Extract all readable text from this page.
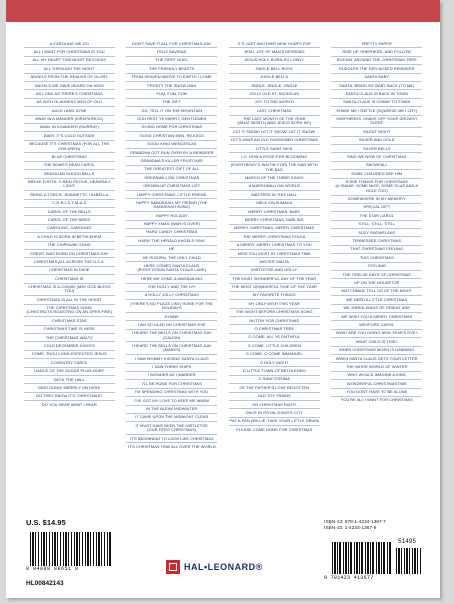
A CAROLING WE GO
ALL I WANT FOR CHRISTMAS IS YOU
ALL MY HEART THIS NIGHT REJOICES
ALL THROUGH THE NIGHT
ANGELS FROM THE REALMS OF GLORY
ANGELS WE HAVE HEARD ON HIGH
AS LONG AS THERE'S CHRISTMAS
AS WITH GLADNESS MEN OF OLD
AULD LANG SYNE
AWAY IN A MANGER (KIRKPATRICK)
AWAY IN A MANGER (MURRAY)
BABY, IT'S COLD OUTSIDE
BECAUSE IT'S CHRISTMAS (FOR ALL THE CHILDREN)
BLUE CHRISTMAS
THE BOAR'S HEAD CAROL
BRAZILIAN SLEIGH BELLS
BREAK FORTH, O BEAUTEOUS, HEAVENLY LIGHT
BRING A TORCH, JEANNETTE, ISABELLA
C-H-R-I-S-T-M-A-S
CAROL OF THE BELLS
CAROL OF THE BIRDS
CAROLING, CAROLING
A CHILD IS BORN IN BETHLEHEM
THE CHIPMUNK SONG
CHRIST WAS BORN ON CHRISTMAS DAY
CHRISTMAS ALL ACROSS THE U.S.A.
CHRISTMAS IN DIXIE
CHRISTMAS IS
CHRISTMAS IS A-COMIN' (MAY GOD BLESS YOU)
CHRISTMAS IS ALL IN THE HEART
THE CHRISTMAS SONG
(CHESTNUTS ROASTING ON AN OPEN FIRE)
CHRISTMAS STAR
CHRISTMAS TIME IS HERE
THE CHRISTMAS WALTZ
COLD DECEMBER NIGHTS
COME, THOU LONG-EXPECTED JESUS
COVENTRY CAROL
DANCE OF THE SUGAR PLUM FAIRY
DECK THE HALL
DING DONG! MERRILY ON HIGH!
DO THEY KNOW IT'S CHRISTMAS?
DO YOU HEAR WHAT I HEAR
DON'T SAVE IT ALL FOR CHRISTMAS DAY
FELIZ NAVIDAD
THE FIRST NOEL
THE FRIENDLY BEASTS
FROM HEAVEN ABOVE TO EARTH I COME
FROSTY THE SNOW MAN
FUM, FUM, FUM
THE GIFT
GO, TELL IT ON THE MOUNTAIN
GOD REST YE MERRY, GENTLEMEN
GOING HOME FOR CHRISTMAS
GOOD CHRISTIAN MEN, REJOICE
GOOD KING WENCESLAS
GRANDMA GOT RUN OVER BY A REINDEER
GRANDMA'S KILLER FRUITCAKE
THE GREATEST GIFT OF ALL
GREENWILLOW CHRISTMAS
GROWN-UP CHRISTMAS LIST
HAPPY CHRISTMAS, LITTLE FRIEND
HAPPY HANUKKAH, MY FRIEND (THE HANUKKAH SONG)
HAPPY HOLIDAY
HAPPY XMAS (WAR IS OVER)
HARD CANDY CHRISTMAS
HARK! THE HERALD ANGELS SING
HE
HE IS BORN, THE HOLY CHILD
HERE COMES SANTA CLAUS
(RIGHT DOWN SANTA CLAUS LANE)
HERE WE COME A-WASSAILING
THE HOLLY AND THE IVY
A HOLLY JOLLY CHRISTMAS
(THERE'S NO PLACE LIKE) HOME FOR THE HOLIDAYS
HYMNE
I AM SO GLAD ON CHRISTMAS EVE
I HEARD THE BELLS ON CHRISTMAS DAY (CALKIN)
I HEARD THE BELLS ON CHRISTMAS DAY (MARKS)
I SAW MOMMY KISSING SANTA CLAUS
I SAW THREE SHIPS
I WONDER AS I WANDER
I'LL BE HOME FOR CHRISTMAS
I'M SPENDING CHRISTMAS WITH YOU
I'VE GOT MY LOVE TO KEEP ME WARM
IN THE BLEAK MIDWINTER
IT CAME UPON THE MIDNIGHT CLEAR
IT MUST HAVE BEEN THE MISTLETOE
(OUR FIRST CHRISTMAS)
IT'S BEGINNING TO LOOK LIKE CHRISTMAS
IT'S CHRISTMAS TIME ALL OVER THE WORLD
IT'S JUST ANOTHER NEW YEAR'S EVE
JESU, JOY OF MAN'S DESIRING
JESUS HOLY, BORN SO LOWLY
JINGLE-BELL ROCK
JINGLE BELLS
JINGLE, JINGLE, JINGLE
JOLLY OLD ST. NICHOLAS
JOY TO THE WORLD
LAST CHRISTMAS
THE LAST MONTH OF THE YEAR
(WHAT MONTH WAS JESUS BORN IN?)
LET IT SNOW! LET IT SNOW! LET IT SNOW!
LET'S HAVE AN OLD FASHIONED CHRISTMAS
LITTLE SAINT NICK
LO, HOW A ROSE E'ER BLOOMING
(EVERYBODY'S WAITIN' FOR) THE MAN WITH THE BAG
MARCH OF THE THREE KINGS
A MARSHMALLOW WORLD
MASTERS IN THIS HALL
MELE KALIKIMAKA
MERRY CHRISTMAS, BABY
MERRY CHRISTMAS, DARLING
MERRY CHRISTMAS, MERRY CHRISTMAS
THE MERRY CHRISTMAS POLKA
A MERRY, MERRY CHRISTMAS TO YOU
MISS YOU MOST AT CHRISTMAS TIME
MISTER SANTA
MISTLETOE AND HOLLY
THE MOST WONDERFUL DAY OF THE YEAR
THE MOST WONDERFUL TIME OF THE YEAR
MY FAVORITE THINGS
MY ONLY WISH THIS YEAR
THE NIGHT BEFORE CHRISTMAS SONG
NUTTIN' FOR CHRISTMAS
O CHRISTMAS TREE
O COME, ALL YE FAITHFUL
O COME, LITTLE CHILDREN
O COME, O COME IMMANUEL
O HOLY NIGHT
O LITTLE TOWN OF BETHLEHEM
O SANCTISSIMA
OF THE FATHER'S LOVE BEGOTTEN
OLD TOY TRAINS
ON CHRISTMAS NIGHT
ONCE IN ROYAL DAVID'S CITY
PAT-A-PAN (WILLIE, TAKE YOUR LITTLE DRUM)
PLEASE COME HOME FOR CHRISTMAS
PRETTY PAPER
RISE UP, SHEPHERD, AND FOLLOW
ROCKIN' AROUND THE CHRISTMAS TREE
RUDOLPH THE RED-NOSED REINDEER
SANTA BABY
SANTA, BRING MY BABY BACK (TO ME)
SANTA CLAUS IS BACK IN TOWN
SANTA CLAUS IS COMIN' TO TOWN
SHAKE ME I RATTLE (SQUEEZE ME I CRY)
SHEPHERDS, SHAKE OFF YOUR DROWSY SLEEP
SILENT NIGHT
SILVER AND GOLD
SILVER BELLS
SING WE NOW OF CHRISTMAS
SNOWFALL
SOME CHILDREN SEE HIM
SOME THINGS FOR CHRISTMAS
(A SNAKE, SOME MICE, SOME GLUE AND A HOLE TOO)
SOMEWHERE IN MY MEMORY
SPECIAL GIFT
THE STAR CAROL
STILL, STILL, STILL
SUZY SNOWFLAKE
TENNESSEE CHRISTMAS
THAT CHRISTMAS FEELING
THIS CHRISTMAS
TOYLAND
THE TWELVE DAYS OF CHRISTMAS
UP ON THE HOUSETOP
WATCHMAN, TELL US OF THE NIGHT
WE NEED A LITTLE CHRISTMAS
WE THREE KINGS OF ORIENT ARE
WE WISH YOU A MERRY CHRISTMAS
WEXFORD CAROL
WHAT ARE YOU DOING NEW YEAR'S EVE?
WHAT CHILD IS THIS?
WHEN CHRISTMAS MORN IS DAWNING
WHEN SANTA CLAUS GETS YOUR LETTER
THE WHITE WORLD OF WINTER
WHO WOULD IMAGINE A KING
WONDERFUL CHRISTMASTIME
YOU DON'T HAVE TO BE ALONE
YOU'RE ALL I WANT FOR CHRISTMAS
U.S. $14.95
8 84088 08651 0
HL00842143
HAL•LEONARD®
ISBN-13: 978-1-4234-1367-7
ISBN-10: 1-4234-1367-9
51495
9 781423 413677
